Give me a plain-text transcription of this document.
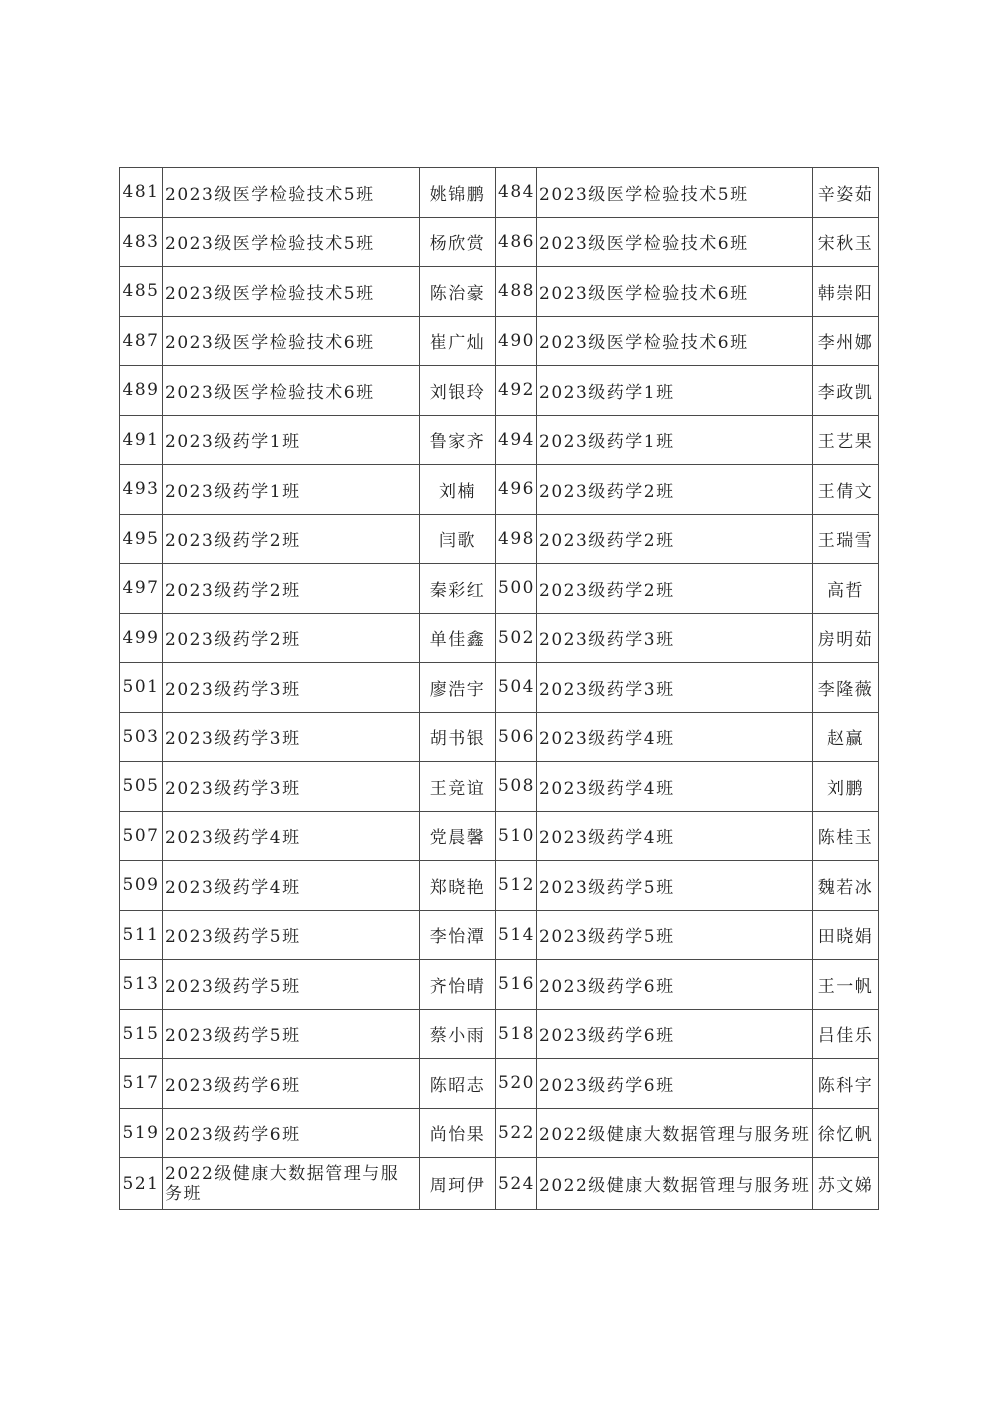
481	2023级医学检验技术5班	姚锦鹏	484	2023级医学检验技术5班	辛姿茹
483	2023级医学检验技术5班	杨欣赏	486	2023级医学检验技术6班	宋秋玉
485	2023级医学检验技术5班	陈治豪	488	2023级医学检验技术6班	韩崇阳
487	2023级医学检验技术6班	崔广灿	490	2023级医学检验技术6班	李州娜
489	2023级医学检验技术6班	刘银玲	492	2023级药学1班	李政凯
491	2023级药学1班	鲁家齐	494	2023级药学1班	王艺果
493	2023级药学1班	刘楠	496	2023级药学2班	王倩文
495	2023级药学2班	闫歌	498	2023级药学2班	王瑞雪
497	2023级药学2班	秦彩红	500	2023级药学2班	高哲
499	2023级药学2班	单佳鑫	502	2023级药学3班	房明茹
501	2023级药学3班	廖浩宇	504	2023级药学3班	李隆薇
503	2023级药学3班	胡书银	506	2023级药学4班	赵赢
505	2023级药学3班	王竞谊	508	2023级药学4班	刘鹏
507	2023级药学4班	党晨馨	510	2023级药学4班	陈桂玉
509	2023级药学4班	郑晓艳	512	2023级药学5班	魏若冰
511	2023级药学5班	李怡潭	514	2023级药学5班	田晓娟
513	2023级药学5班	齐怡晴	516	2023级药学6班	王一帆
515	2023级药学5班	蔡小雨	518	2023级药学6班	吕佳乐
517	2023级药学6班	陈昭志	520	2023级药学6班	陈科宇
519	2023级药学6班	尚怡果	522	2022级健康大数据管理与服务班	徐忆帆
521	2022级健康大数据管理与服务班	周珂伊	524	2022级健康大数据管理与服务班	苏文娣
